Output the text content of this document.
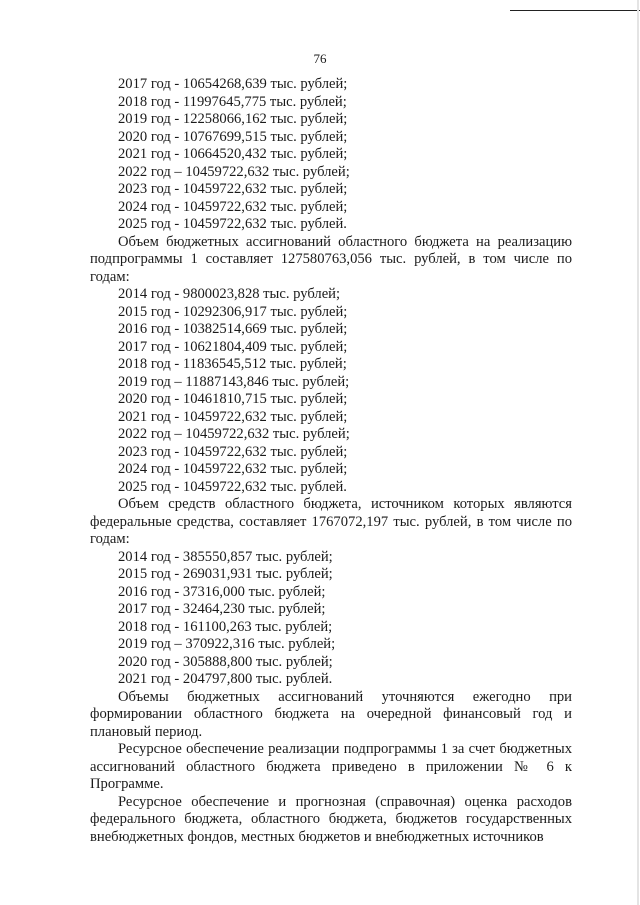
76
2017 год - 10654268,639 тыс. рублей;
2018 год - 11997645,775 тыс. рублей;
2019 год - 12258066,162 тыс. рублей;
2020 год - 10767699,515 тыс. рублей;
2021 год - 10664520,432 тыс. рублей;
2022 год – 10459722,632 тыс. рублей;
2023 год - 10459722,632 тыс. рублей;
2024 год - 10459722,632 тыс. рублей;
2025 год - 10459722,632 тыс. рублей.

Объем бюджетных ассигнований областного бюджета на реализацию подпрограммы 1 составляет 127580763,056 тыс. рублей, в том числе по годам:

2014 год - 9800023,828 тыс. рублей;
2015 год - 10292306,917 тыс. рублей;
2016 год - 10382514,669 тыс. рублей;
2017 год - 10621804,409 тыс. рублей;
2018 год - 11836545,512 тыс. рублей;
2019 год – 11887143,846 тыс. рублей;
2020 год - 10461810,715 тыс. рублей;
2021 год - 10459722,632 тыс. рублей;
2022 год – 10459722,632 тыс. рублей;
2023 год - 10459722,632 тыс. рублей;
2024 год - 10459722,632 тыс. рублей;
2025 год - 10459722,632 тыс. рублей.

Объем средств областного бюджета, источником которых являются федеральные средства, составляет 1767072,197 тыс. рублей, в том числе по годам:

2014 год - 385550,857 тыс. рублей;
2015 год - 269031,931 тыс. рублей;
2016 год - 37316,000 тыс. рублей;
2017 год - 32464,230 тыс. рублей;
2018 год - 161100,263 тыс. рублей;
2019 год – 370922,316 тыс. рублей;
2020 год - 305888,800 тыс. рублей;
2021 год - 204797,800 тыс. рублей.

Объемы бюджетных ассигнований уточняются ежегодно при формировании областного бюджета на очередной финансовый год и плановый период.

Ресурсное обеспечение реализации подпрограммы 1 за счет бюджетных ассигнований областного бюджета приведено в приложении № 6 к Программе.

Ресурсное обеспечение и прогнозная (справочная) оценка расходов федерального бюджета, областного бюджета, бюджетов государственных внебюджетных фондов, местных бюджетов и внебюджетных источников
